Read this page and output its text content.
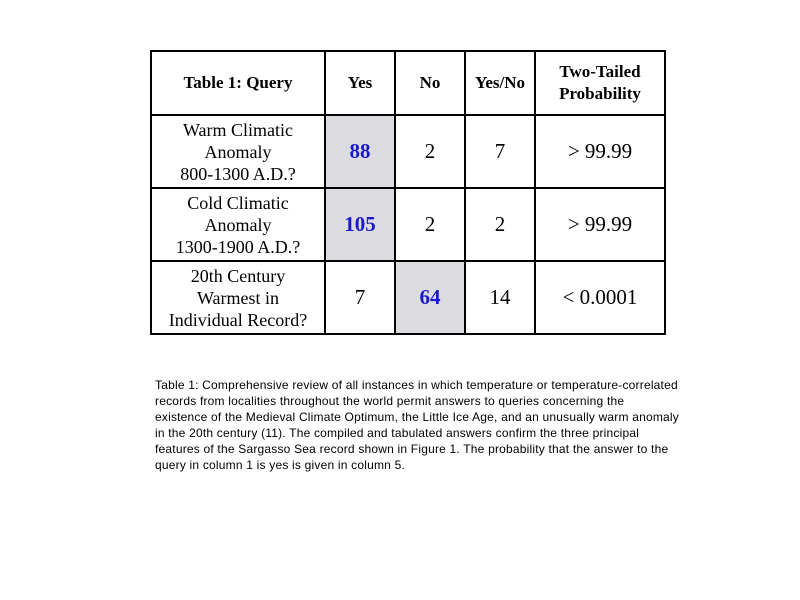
Table 1: Query	Yes	No	Yes/No	Two-Tailed
Probability

Warm Climatic
Anomaly
800-1300 A.D.?	88	2	7	> 99.99

Cold Climatic
Anomaly
1300-1900 A.D.?	105	2	2	> 99.99

20th Century
Warmest in
Individual Record?	7	64	14	< 0.0001
Table 1: Comprehensive review of all instances in which temperature or temperature-correlated records from localities throughout the world permit answers to queries concerning the existence of the Medieval Climate Optimum, the Little Ice Age, and an unusually warm anomaly in the 20th century (11). The compiled and tabulated answers confirm the three principal features of the Sargasso Sea record shown in Figure 1. The probability that the answer to the query in column 1 is yes is given in column 5.
